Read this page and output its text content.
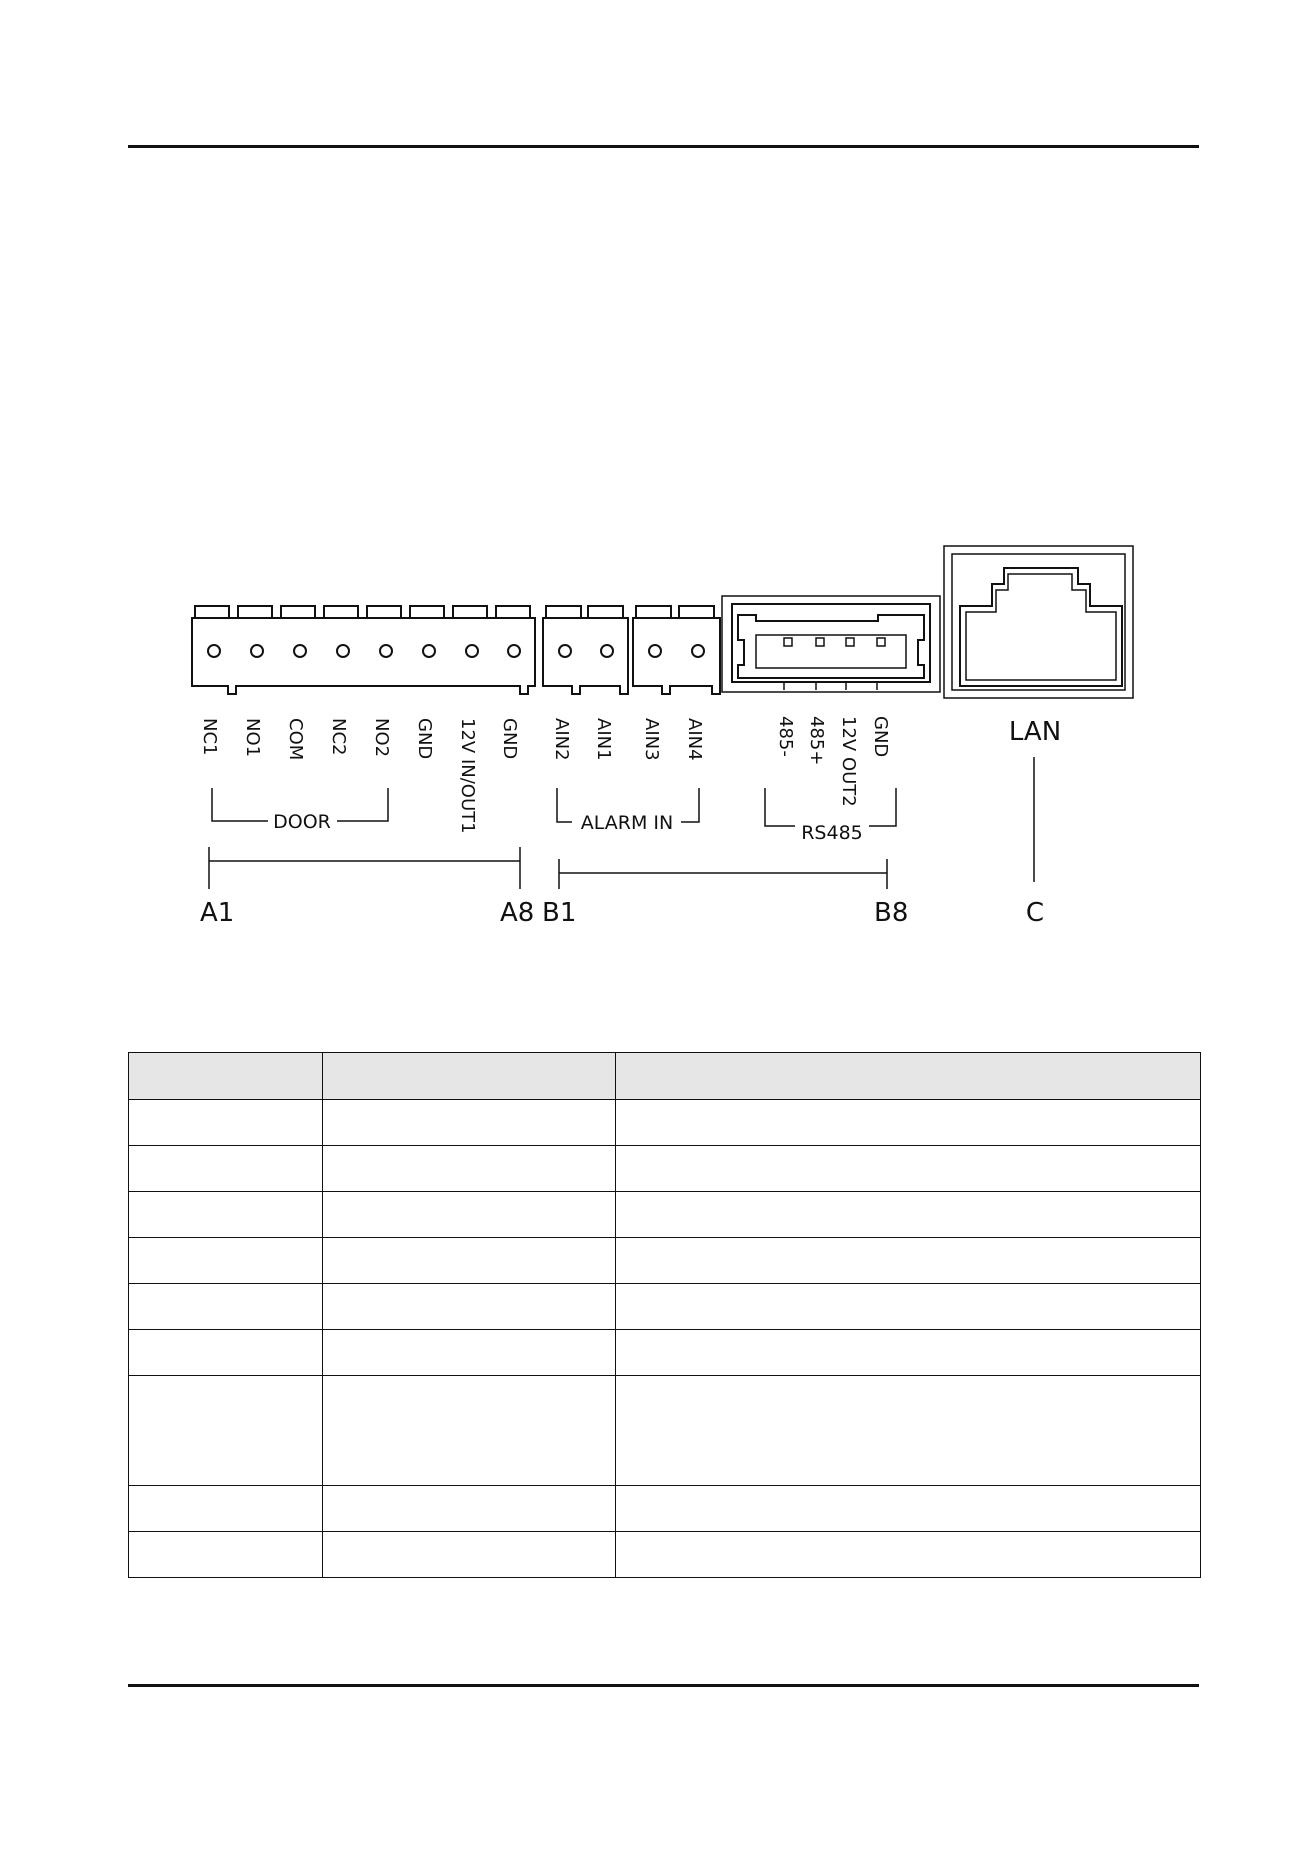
NC1 NO1 COM NC2 NO2 GND 12V IN/OUT1 GND
DOOR
A1	A8
AIN2 AIN1 AIN3 AIN4	485- 485+ 12V OUT2 GND
ALARM IN	RS485
B1	B8
LAN
C
